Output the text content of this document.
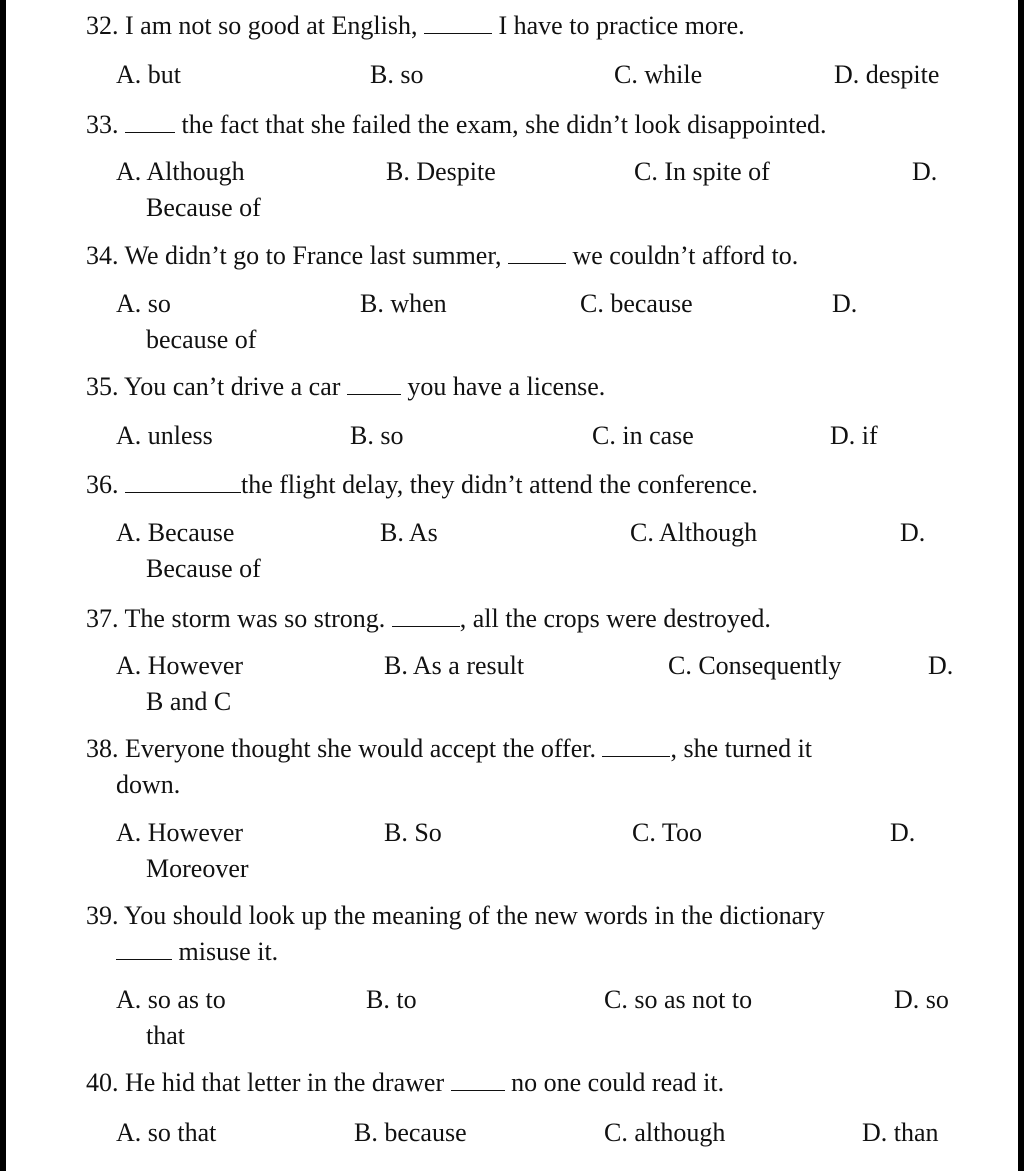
32. I am not so good at English,	I have to practice more.
A. but	B. so	C. while	D. despite
33. the fact that she failed the exam, she didn’t look disappointed.
A. Although	B. Despite	C. In spite of	D.
Because of
34. We didn’t go to France last summer,	we couldn’t afford to.
A. so	B. when	C. because	D.
because of
35. You can’t drive a car	you have a license.
A. unless	B. so	C. in case	D. if
36.	the flight delay, they didn’t attend the conference.
A. Because	B. As	C. Although	D.
Because of
37. The storm was so strong.	, all the crops were destroyed.
A. However	B. As a result	C. Consequently	D.
B and C
38. Everyone thought she would accept the offer.	, she turned it
down.
A. However	B. So	C. Too	D.
Moreover
39. You should look up the meaning of the new words in the dictionary
misuse it.
A. so as to	B. to	C. so as not to	D. so
that
40. He hid that letter in the drawer	no one could read it.
A. so that	B. because	C. although	D. than
